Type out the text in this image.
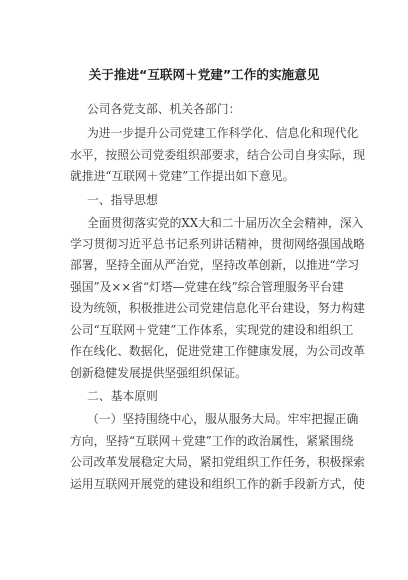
关于推进“互联网＋党建”工作的实施意见
公司各党支部、机关各部门：
为进一步提升公司党建工作科学化、信息化和现代化
水平，按照公司党委组织部要求，结合公司自身实际，现
就推进“互联网＋党建”工作提出如下意见。
一、指导思想
全面贯彻落实党的XX大和二十届历次全会精神，深入
学习贯彻习近平总书记系列讲话精神，贯彻网络强国战略
部署，坚持全面从严治党，坚持改革创新，以推进“学习
强国”及××省“灯塔—党建在线”综合管理服务平台建
设为统领，积极推进公司党建信息化平台建设，努力构建
公司“互联网＋党建”工作体系，实现党的建设和组织工
作在线化、数据化，促进党建工作健康发展，为公司改革
创新稳健发展提供坚强组织保证。
二、基本原则
（一）坚持围绕中心，服从服务大局。牢牢把握正确
方向，坚持“互联网＋党建”工作的政治属性，紧紧围绕
公司改革发展稳定大局，紧扣党组织工作任务，积极探索
运用互联网开展党的建设和组织工作的新手段新方式，使
